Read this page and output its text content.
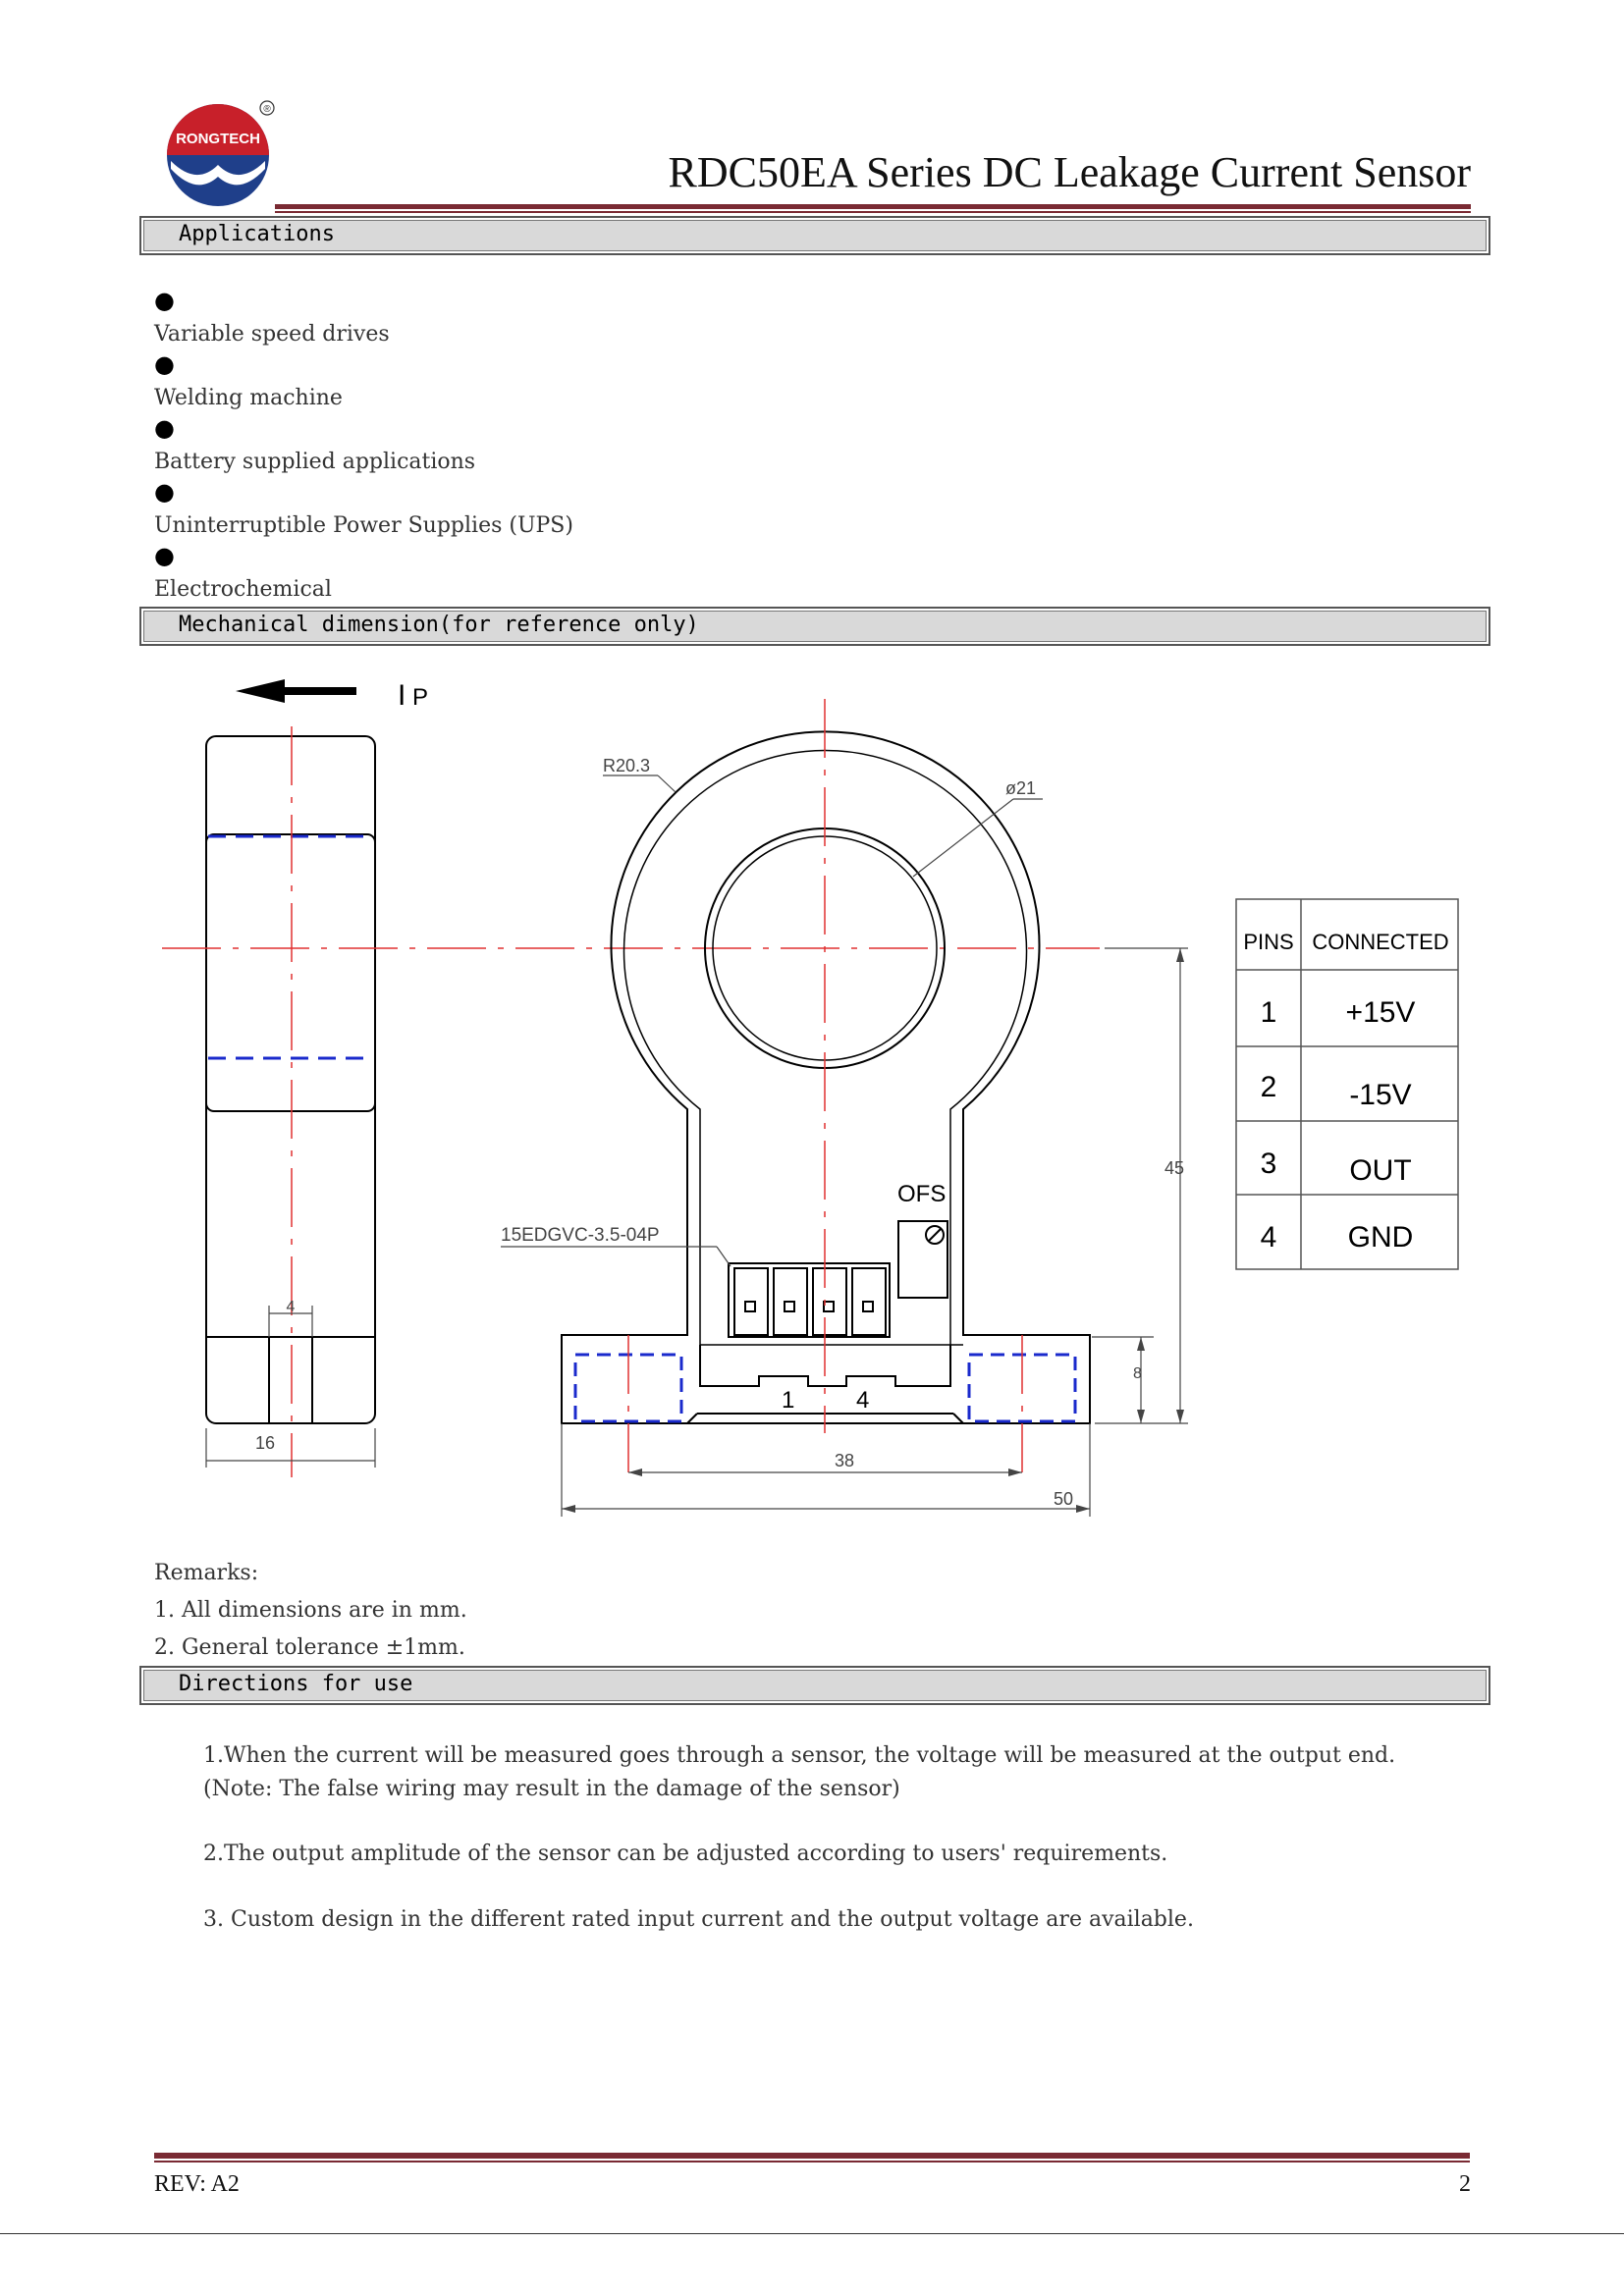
RONGTECH
®
RDC50EA Series DC Leakage Current Sensor
Applications
●
Variable speed drives
●
Welding machine
●
Battery supplied applications
●
Uninterruptible Power Supplies (UPS)
●
Electrochemical
Mechanical dimension(for reference only)
I P
4
16
R20.3
ø21
15EDGVC-3.5-04P
OFS
1	4
45
8
38
50
PINS CONNECTED
1 +15V
2 -15V
3 OUT
4 GND
Remarks:
1. All dimensions are in mm.
2. General tolerance ±1mm.
Directions for use
1.When the current will be measured goes through a sensor, the voltage will be measured at the output end.
(Note: The false wiring may result in the damage of the sensor)
2.The output amplitude of the sensor can be adjusted according to users' requirements.
3. Custom design in the different rated input current and the output voltage are available.
REV: A2	2
